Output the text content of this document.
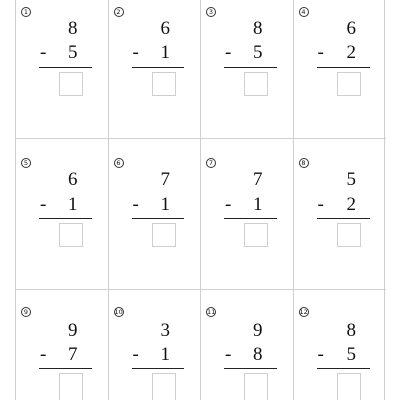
1
8
- 5
2
6
- 1
3
8
- 5
4
6
- 2
5
6
- 1
6
7
- 1
7
7
- 1
8
5
- 2
9
9
- 7
10
3
- 1
11
9
- 8
12
8
- 5
